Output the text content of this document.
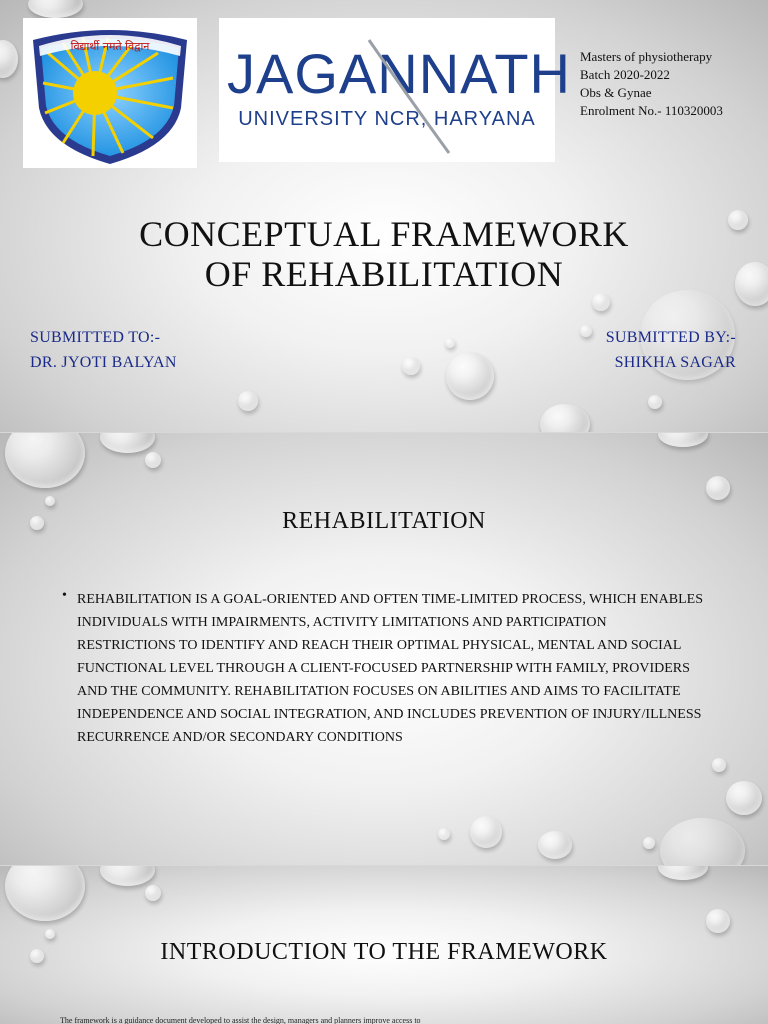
विद्यार्थी नमते विद्वान JAGANNATH
UNIVERSITY NCR, HARYANA
Masters of physiotherapy
Batch 2020-2022
Obs & Gynae
Enrolment No.- 110320003
CONCEPTUAL FRAMEWORK
OF REHABILITATION
SUBMITTED TO:-
DR. JYOTI BALYAN
SUBMITTED BY:-
SHIKHA SAGAR
REHABILITATION
• REHABILITATION IS A GOAL-ORIENTED AND OFTEN TIME-LIMITED PROCESS, WHICH ENABLES INDIVIDUALS WITH IMPAIRMENTS, ACTIVITY LIMITATIONS AND PARTICIPATION RESTRICTIONS TO IDENTIFY AND REACH THEIR OPTIMAL PHYSICAL, MENTAL AND SOCIAL FUNCTIONAL LEVEL THROUGH A CLIENT-FOCUSED PARTNERSHIP WITH FAMILY, PROVIDERS AND THE COMMUNITY. REHABILITATION FOCUSES ON ABILITIES AND AIMS TO FACILITATE INDEPENDENCE AND SOCIAL INTEGRATION, AND INCLUDES PREVENTION OF INJURY/ILLNESS RECURRENCE AND/OR SECONDARY CONDITIONS
INTRODUCTION TO THE FRAMEWORK
The framework is a guidance document developed to assist the design, managers and planners improve access to
